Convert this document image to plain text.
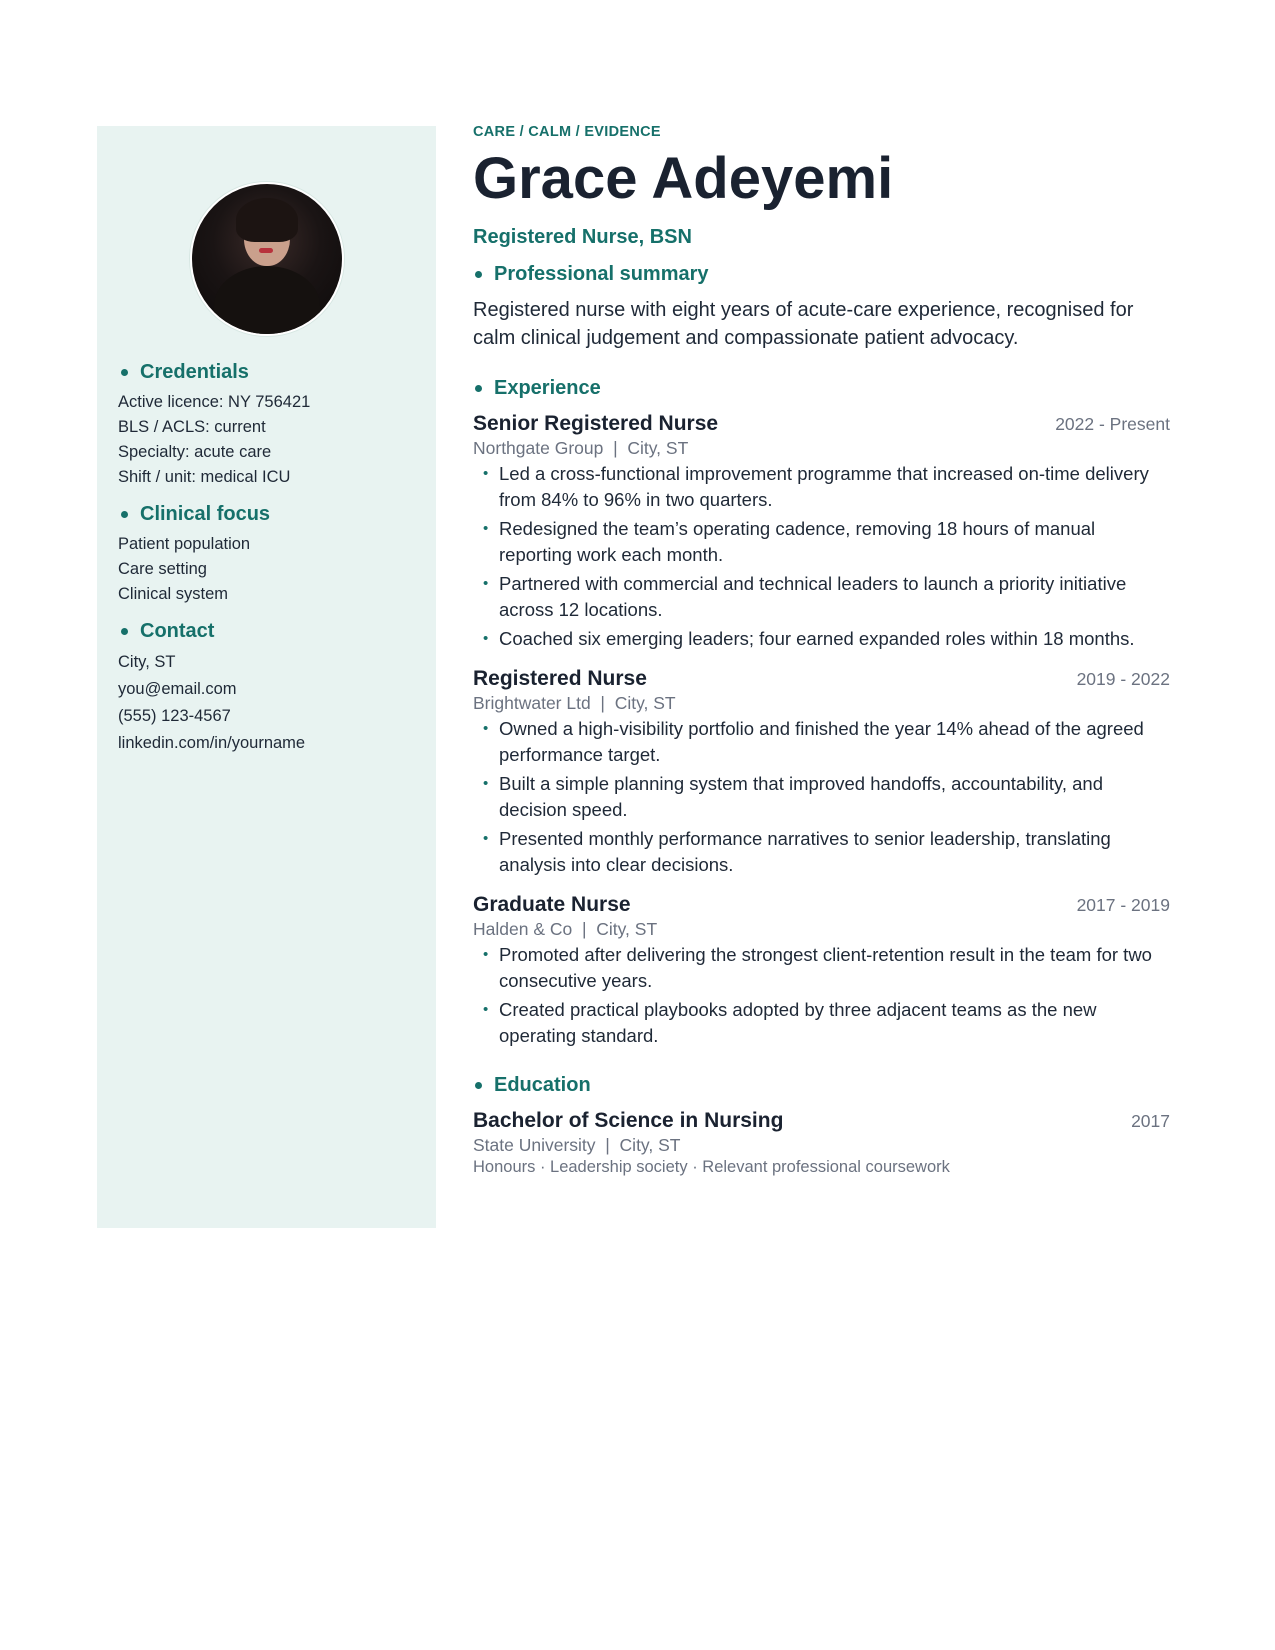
Credentials
Active licence: NY 756421
BLS / ACLS: current
Specialty: acute care
Shift / unit: medical ICU
Clinical focus
Patient population
Care setting
Clinical system
Contact
City, ST
you@email.com
(555) 123-4567
linkedin.com/in/yourname
CARE / CALM / EVIDENCE
Grace Adeyemi
Registered Nurse, BSN
Professional summary

Registered nurse with eight years of acute-care experience, recognised for calm clinical judgement and compassionate patient advocacy.

Experience
Senior Registered Nurse	2022 - Present
Northgate Group  |  City, ST
• Led a cross-functional improvement programme that increased on-time delivery from 84% to 96% in two quarters.
• Redesigned the team’s operating cadence, removing 18 hours of manual reporting work each month.
• Partnered with commercial and technical leaders to launch a priority initiative across 12 locations.
• Coached six emerging leaders; four earned expanded roles within 18 months.
Registered Nurse	2019 - 2022
Brightwater Ltd  |  City, ST
• Owned a high-visibility portfolio and finished the year 14% ahead of the agreed performance target.
• Built a simple planning system that improved handoffs, accountability, and decision speed.
• Presented monthly performance narratives to senior leadership, translating analysis into clear decisions.
Graduate Nurse	2017 - 2019
Halden & Co  |  City, ST
• Promoted after delivering the strongest client-retention result in the team for two consecutive years.
• Created practical playbooks adopted by three adjacent teams as the new operating standard.
Education
Bachelor of Science in Nursing	2017
State University  |  City, ST
Honours · Leadership society · Relevant professional coursework
